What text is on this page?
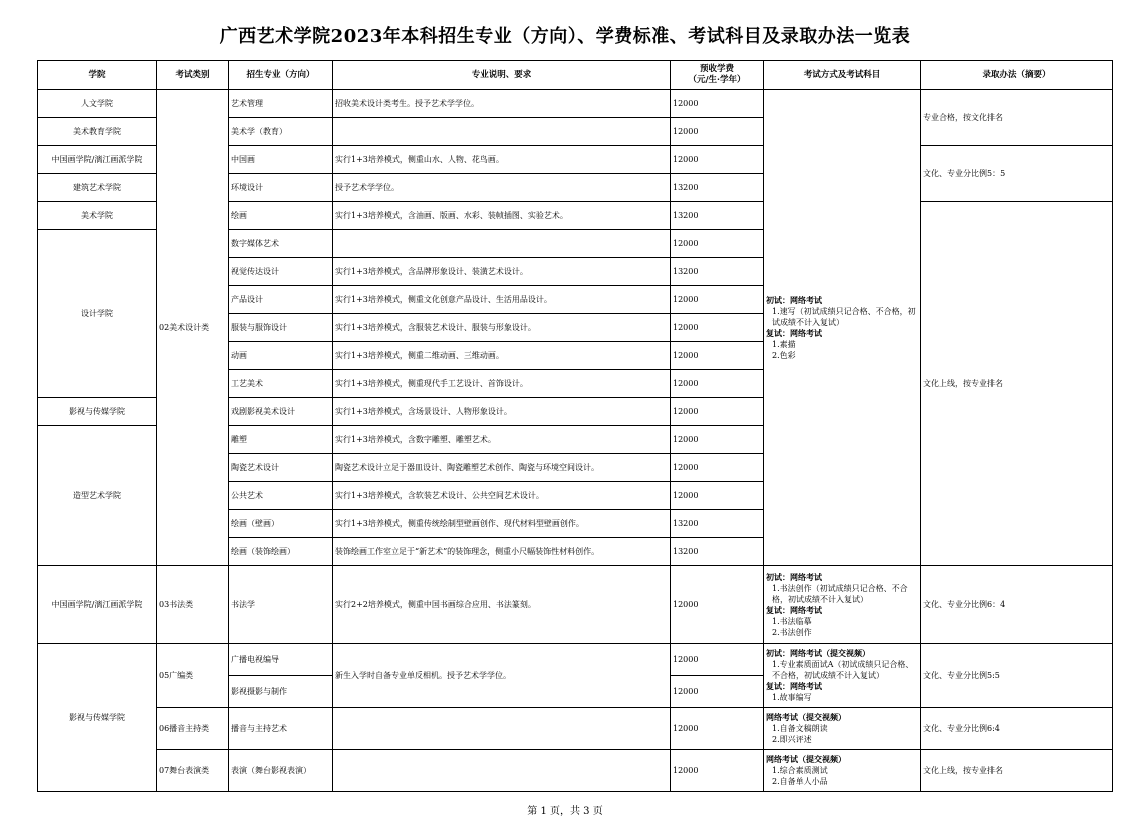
广西艺术学院2023年本科招生专业（方向）、学费标准、考试科目及录取办法一览表
学院	考试类别	招生专业（方向）	专业说明、要求	预收学费
（元/生·学年）	考试方式及考试科目	录取办法（摘要）
人文学院	02美术设计类	艺术管理	招收美术设计类考生。授予艺术学学位。	12000	初试：网络考试
1.速写（初试成绩只记合格、不合格，初试成绩不计入复试）
复试：网络考试
1.素描
2.色彩	专业合格，按文化排名
美术教育学院		美术学（教育）		12000		
中国画学院/漓江画派学院		中国画	实行1+3培养模式，侧重山水、人物、花鸟画。	12000		文化、专业分比例5：5
建筑艺术学院		环境设计	授予艺术学学位。	13200		
美术学院		绘画	实行1+3培养模式，含油画、版画、水彩、装帧插图、实验艺术。	13200		文化上线，按专业排名
设计学院		数字媒体艺术		12000		
		视觉传达设计	实行1+3培养模式，含品牌形象设计、装潢艺术设计。	13200		
		产品设计	实行1+3培养模式，侧重文化创意产品设计、生活用品设计。	12000		
		服装与服饰设计	实行1+3培养模式，含服装艺术设计、服装与形象设计。	12000		
		动画	实行1+3培养模式，侧重二维动画、三维动画。	12000		
		工艺美术	实行1+3培养模式，侧重现代手工艺设计、首饰设计。	12000		
影视与传媒学院		戏剧影视美术设计	实行1+3培养模式，含场景设计、人物形象设计。	12000		
造型艺术学院		雕塑	实行1+3培养模式，含数字雕塑、雕塑艺术。	12000		
		陶瓷艺术设计	陶瓷艺术设计立足于器皿设计、陶瓷雕塑艺术创作、陶瓷与环境空间设计。	12000		
		公共艺术	实行1+3培养模式，含软装艺术设计、公共空间艺术设计。	12000		
		绘画（壁画）	实行1+3培养模式，侧重传统绘制型壁画创作、现代材料型壁画创作。	13200		
		绘画（装饰绘画）	装饰绘画工作室立足于“新艺术”的装饰理念，侧重小尺幅装饰性材料创作。	13200		
中国画学院/漓江画派学院	03书法类	书法学	实行2+2培养模式，侧重中国书画综合应用、书法篆刻。	12000	初试：网络考试
1.书法创作（初试成绩只记合格、不合格，初试成绩不计入复试）
复试：网络考试
1.书法临摹
2.书法创作	文化、专业分比例6：4
影视与传媒学院	05广编类	广播电视编导	新生入学时自备专业单反相机。授予艺术学学位。	12000	初试：网络考试（提交视频）
1.专业素质面试A（初试成绩只记合格、不合格，初试成绩不计入复试）
复试：网络考试
1.故事编写	文化、专业分比例5:5
		影视摄影与制作		12000		
	06播音主持类	播音与主持艺术		12000	网络考试（提交视频）
1.自备文稿朗读
2.即兴评述	文化、专业分比例6:4
	07舞台表演类	表演（舞台影视表演）		12000	网络考试（提交视频）
1.综合素质测试
2.自备单人小品	文化上线，按专业排名
第 1 页，共 3 页
